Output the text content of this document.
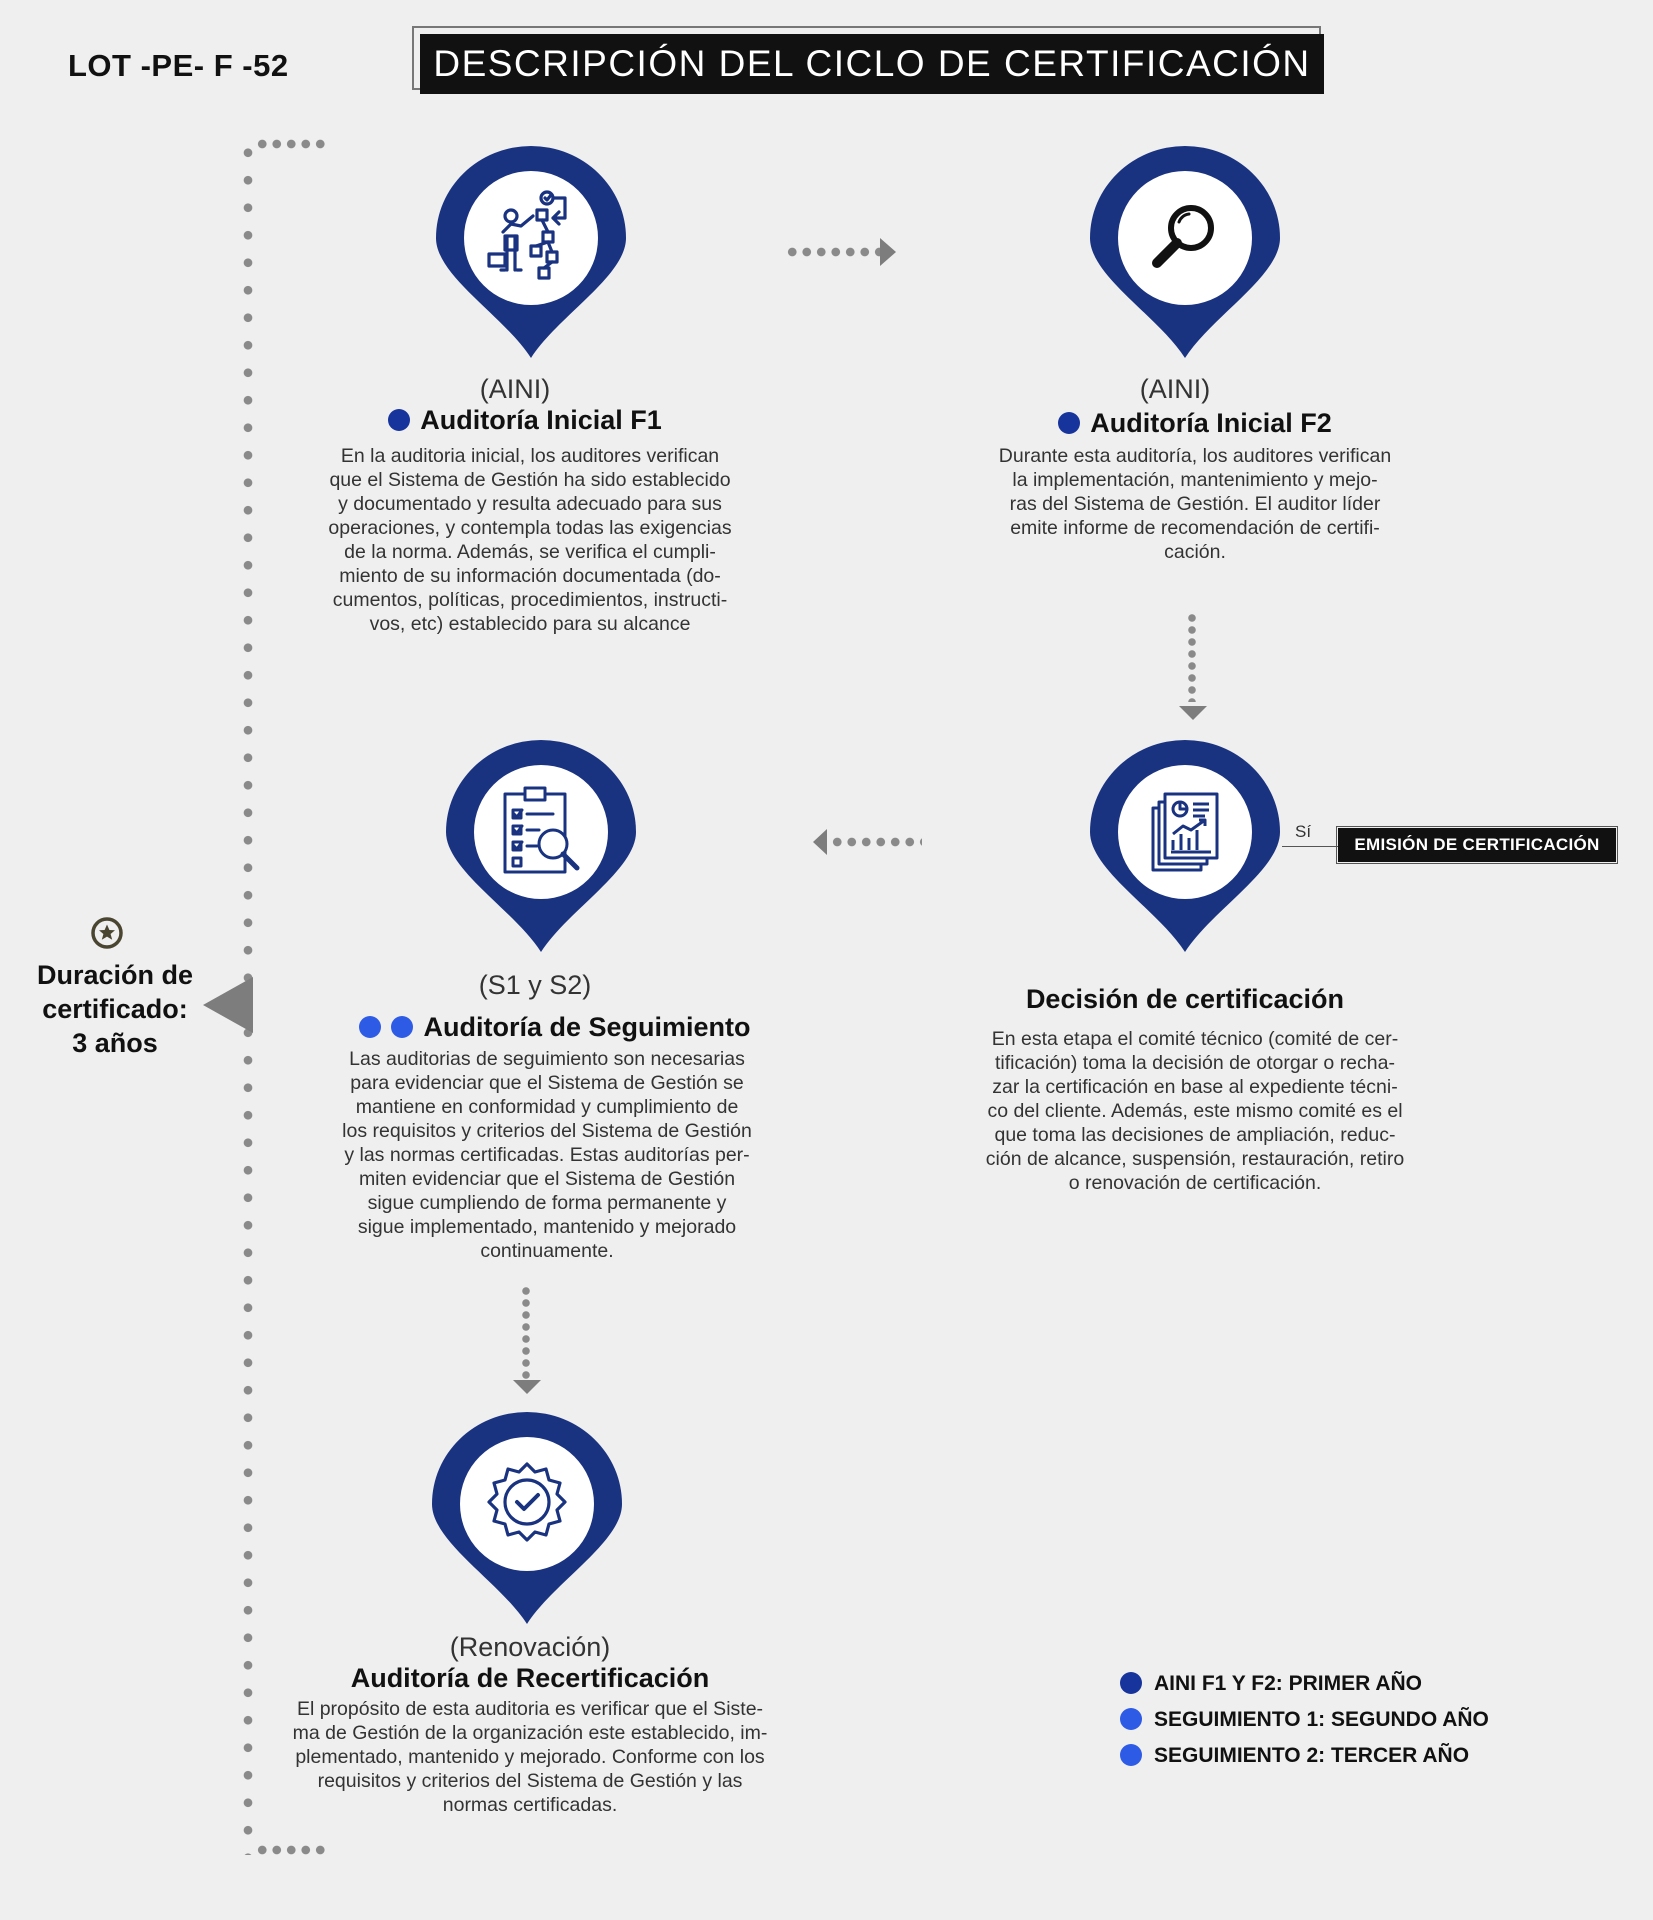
LOT -PE- F -52	DESCRIPCIÓN DEL CICLO DE CERTIFICACIÓN
Duración de
certificado:
3 años
(AINI)
Auditoría Inicial F1
En la auditoria inicial, los auditores verifican
que el Sistema de Gestión ha sido establecido
y documentado y resulta adecuado para sus
operaciones, y contempla todas las exigencias
de la norma. Además, se verifica el cumpli-
miento de su información documentada (do-
cumentos, políticas, procedimientos, instructi-
vos, etc) establecido para su alcance
(AINI)
Auditoría Inicial F2
Durante esta auditoría, los auditores verifican
la implementación, mantenimiento y mejo-
ras del Sistema de Gestión. El auditor líder
emite informe de recomendación de certifi-
cación.
Sí
EMISIÓN DE CERTIFICACIÓN
Decisión de certificación
En esta etapa el comité técnico (comité de cer-
tificación) toma la decisión de otorgar o recha-
zar la certificación en base al expediente técni-
co del cliente. Además, este mismo comité es el
que toma las decisiones de ampliación, reduc-
ción de alcance, suspensión, restauración, retiro
o renovación de certificación.
(S1 y S2)
Auditoría de Seguimiento
Las auditorias de seguimiento son necesarias
para evidenciar que el Sistema de Gestión se
mantiene en conformidad y cumplimiento de
los requisitos y criterios del Sistema de Gestión
y las normas certificadas. Estas auditorías per-
miten evidenciar que el Sistema de Gestión
sigue cumpliendo de forma permanente y
sigue implementado, mantenido y mejorado
continuamente.
(Renovación)
Auditoría de Recertificación
El propósito de esta auditoria es verificar que el Siste-
ma de Gestión de la organización este establecido, im-
plementado, mantenido y mejorado. Conforme con los
requisitos y criterios del Sistema de Gestión y las
normas certificadas.
AINI F1 Y F2: PRIMER AÑO
SEGUIMIENTO 1: SEGUNDO AÑO
SEGUIMIENTO 2: TERCER AÑO
